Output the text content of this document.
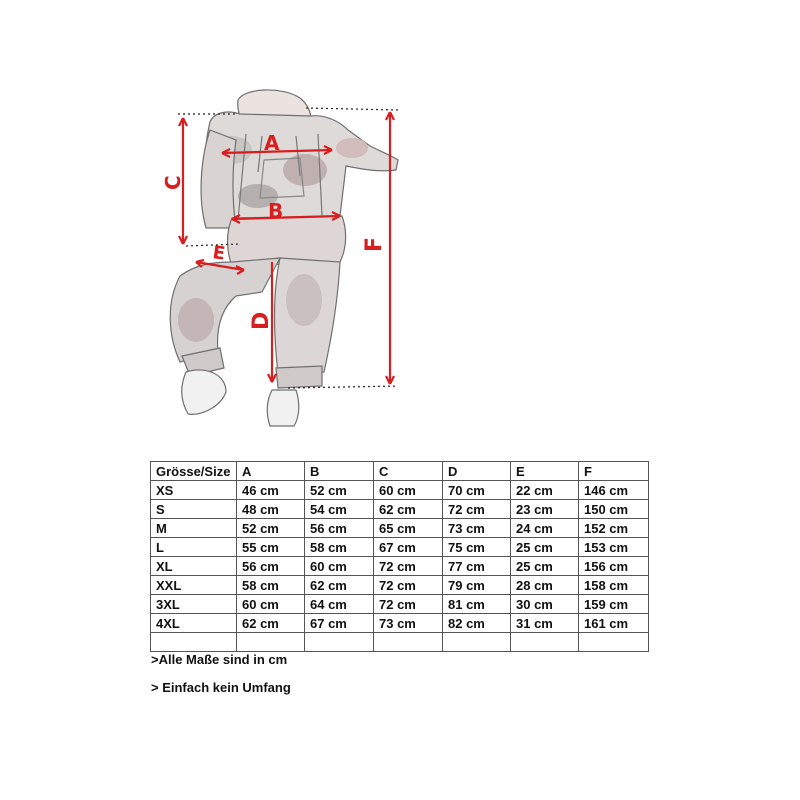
A
B
C
D
E	F
Grösse/Size	A	B	C	D	E	F
XS	46 cm	52 cm	60 cm	70 cm	22 cm	146 cm
S	48 cm	54 cm	62 cm	72 cm	23 cm	150 cm
M	52 cm	56 cm	65 cm	73 cm	24 cm	152 cm
L	55 cm	58 cm	67 cm	75 cm	25 cm	153 cm
XL	56 cm	60 cm	72 cm	77 cm	25 cm	156 cm
XXL	58 cm	62 cm	72 cm	79 cm	28 cm	158 cm
3XL	60 cm	64 cm	72 cm	81 cm	30 cm	159 cm
4XL	62 cm	67 cm	73 cm	82 cm	31 cm	161 cm

>Alle Maße sind in cm
> Einfach kein Umfang
